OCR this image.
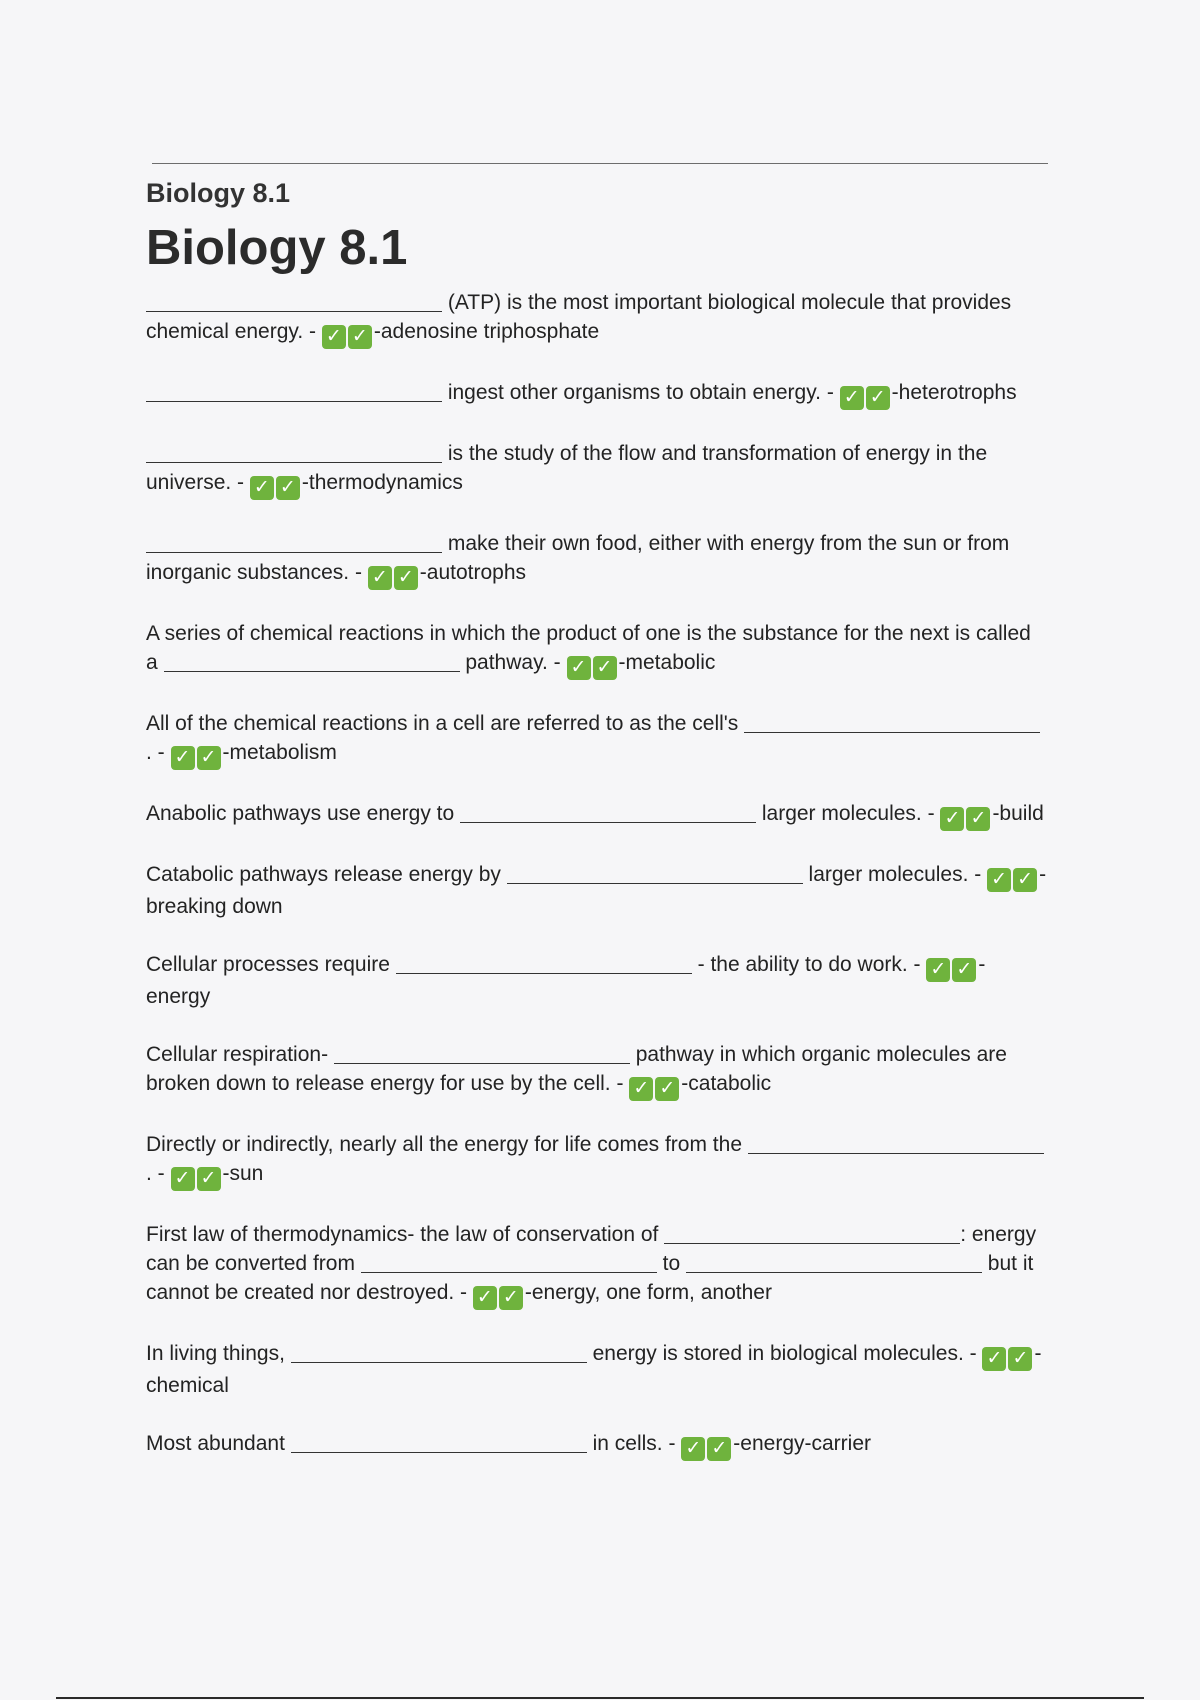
Biology 8.1
Biology 8.1
(ATP) is the most important biological molecule that provides chemical energy. - ✓ ✓ -adenosine triphosphate
ingest other organisms to obtain energy. - ✓ ✓ -heterotrophs
is the study of the flow and transformation of energy in the universe. - ✓ ✓ -thermodynamics
make their own food, either with energy from the sun or from inorganic substances. - ✓ ✓ -autotrophs
A series of chemical reactions in which the product of one is the substance for the next is called a	pathway. - ✓ ✓ -metabolic
All of the chemical reactions in a cell are referred to as the cell's  . - ✓ ✓ -metabolism
Anabolic pathways use energy to	larger molecules. - ✓ ✓ -build
Catabolic pathways release energy by	larger molecules. - ✓ ✓ -breaking down
Cellular processes require	- the ability to do work. - ✓ ✓ -energy
Cellular respiration-	pathway in which organic molecules are broken down to release energy for use by the cell. - ✓ ✓ -catabolic
Directly or indirectly, nearly all the energy for life comes from the  . - ✓ ✓ -sun
First law of thermodynamics- the law of conservation of	: energy can be converted from	to	but it cannot be created nor destroyed. - ✓ ✓ -energy, one form, another
In living things,	energy is stored in biological molecules. - ✓ ✓ -chemical
Most abundant	in cells. - ✓ ✓ -energy-carrier
